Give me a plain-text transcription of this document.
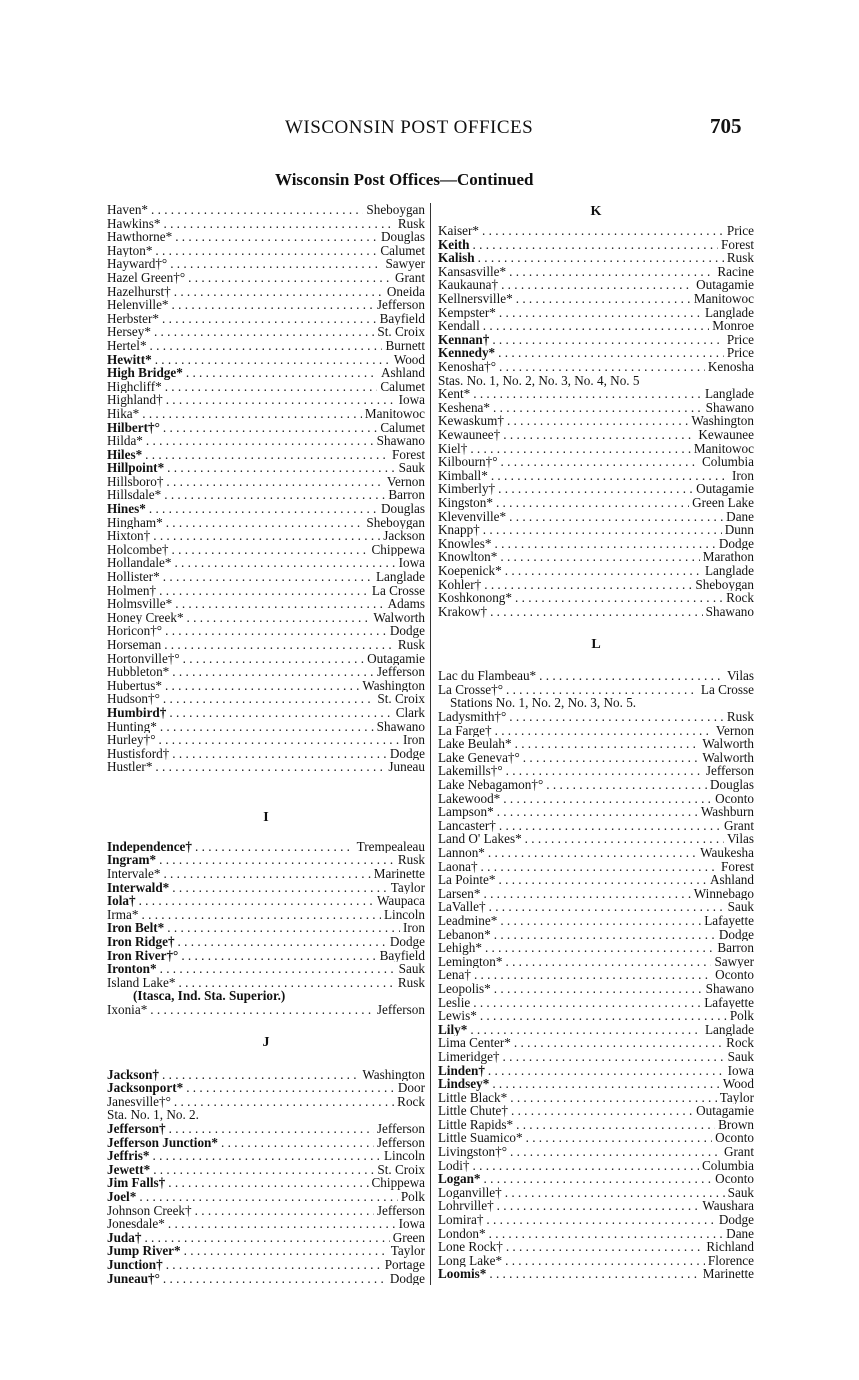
WISCONSIN POST OFFICES	705
Wisconsin Post Offices—Continued
Haven* . . .	Sheboygan
Hawkins* . . .	Rusk
Hawthorne* . . .	Douglas
Hayton* . . .	Calumet
Hayward†° . . .	Sawyer
Hazel Green†° . . .	Grant
Hazelhurst† . . .	Oneida
Helenville* . . .	Jefferson
Herbster* . . .	Bayfield
Hersey* . . .	St. Croix
Hertel* . . .	Burnett
Hewitt* . . .	Wood
High Bridge* . . .	Ashland
Highcliff* . . .	Calumet
Highland† . . .	Iowa
Hika* . . .	Manitowoc
Hilbert†° . . .	Calumet
Hilda* . . .	Shawano
Hiles* . . .	Forest
Hillpoint* . . .	Sauk
Hillsboro† . . .	Vernon
Hillsdale* . . .	Barron
Hines* . . .	Douglas
Hingham* . . .	Sheboygan
Hixton† . . .	Jackson
Holcombe† . . .	Chippewa
Hollandale* . . .	Iowa
Hollister* . . .	Langlade
Holmen† . . .	La Crosse
Holmsville* . . .	Adams
Honey Creek* . . .	Walworth
Horicon†° . . .	Dodge
Horseman . . .	Rusk
Hortonville†° . . .	Outagamie
Hubbleton* . . .	Jefferson
Hubertus* . . .	Washington
Hudson†° . . .	St. Croix
Humbird† . . .	Clark
Hunting* . . .	Shawano
Hurley†° . . .	Iron
Hustisford† . . .	Dodge
Hustler* . . .	Juneau
I
Independence† . . .	Trempealeau
Ingram* . . .	Rusk
Intervale* . . .	Marinette
Interwald* . . .	Taylor
Iola† . . .	Waupaca
Irma* . . .	Lincoln
Iron Belt* . . .	Iron
Iron Ridge† . . .	Dodge
Iron River†° . . .	Bayfield
Ironton* . . .	Sauk
Island Lake* . . .	Rusk
(Itasca, Ind. Sta. Superior.)
Ixonia* . . .	Jefferson
J
Jackson† . . .	Washington
Jacksonport* . . .	Door
Janesville†° . . .	Rock
Sta. No. 1, No. 2.
Jefferson† . . .	Jefferson
Jefferson Junction* . . .	Jefferson
Jeffris* . . .	Lincoln
Jewett* . . .	St. Croix
Jim Falls† . . .	Chippewa
Joel* . . .	Polk
Johnson Creek† . . .	Jefferson
Jonesdale* . . .	Iowa
Juda† . . .	Green
Jump River* . . .	Taylor
Junction† . . .	Portage
Juneau†° . . .	Dodge
K
Kaiser* . . .	Price
Keith . . .	Forest
Kalish . . .	Rusk
Kansasville* . . .	Racine
Kaukauna† . . .	Outagamie
Kellnersville* . . .	Manitowoc
Kempster* . . .	Langlade
Kendall . . .	Monroe
Kennan† . . .	Price
Kennedy* . . .	Price
Kenosha†° . . .	Kenosha
Stas. No. 1, No. 2, No. 3, No. 4, No. 5
Kent* . . .	Langlade
Keshena* . . .	Shawano
Kewaskum† . . .	Washington
Kewaunee† . . .	Kewaunee
Kiel† . . .	Manitowoc
Kilbourn†° . . .	Columbia
Kimball* . . .	Iron
Kimberly† . . .	Outagamie
Kingston* . . .	Green Lake
Klevenville* . . .	Dane
Knapp† . . .	Dunn
Knowles* . . .	Dodge
Knowlton* . . .	Marathon
Koepenick* . . .	Langlade
Kohler† . . .	Sheboygan
Koshkonong* . . .	Rock
Krakow† . . .	Shawano
L
Lac du Flambeau* . . .	Vilas
La Crosse†° . . .	La Crosse
Stations No. 1, No. 2, No. 3, No. 5.
Ladysmith†° . . .	Rusk
La Farge† . . .	Vernon
Lake Beulah* . . .	Walworth
Lake Geneva†° . . .	Walworth
Lakemills†° . . .	Jefferson
Lake Nebagamon†° . . .	Douglas
Lakewood* . . .	Oconto
Lampson* . . .	Washburn
Lancaster† . . .	Grant
Land O' Lakes* . . .	Vilas
Lannon* . . .	Waukesha
Laona† . . .	Forest
La Pointe* . . .	Ashland
Larsen* . . .	Winnebago
LaValle† . . .	Sauk
Leadmine* . . .	Lafayette
Lebanon* . . .	Dodge
Lehigh* . . .	Barron
Lemington* . . .	Sawyer
Lena† . . .	Oconto
Leopolis* . . .	Shawano
Leslie . . .	Lafayette
Lewis* . . .	Polk
Lily* . . .	Langlade
Lima Center* . . .	Rock
Limeridge† . . .	Sauk
Linden† . . .	Iowa
Lindsey* . . .	Wood
Little Black* . . .	Taylor
Little Chute† . . .	Outagamie
Little Rapids* . . .	Brown
Little Suamico* . . .	Oconto
Livingston†° . . .	Grant
Lodi† . . .	Columbia
Logan* . . .	Oconto
Loganville† . . .	Sauk
Lohrville† . . .	Waushara
Lomira† . . .	Dodge
London* . . .	Dane
Lone Rock† . . .	Richland
Long Lake* . . .	Florence
Loomis* . . .	Marinette
